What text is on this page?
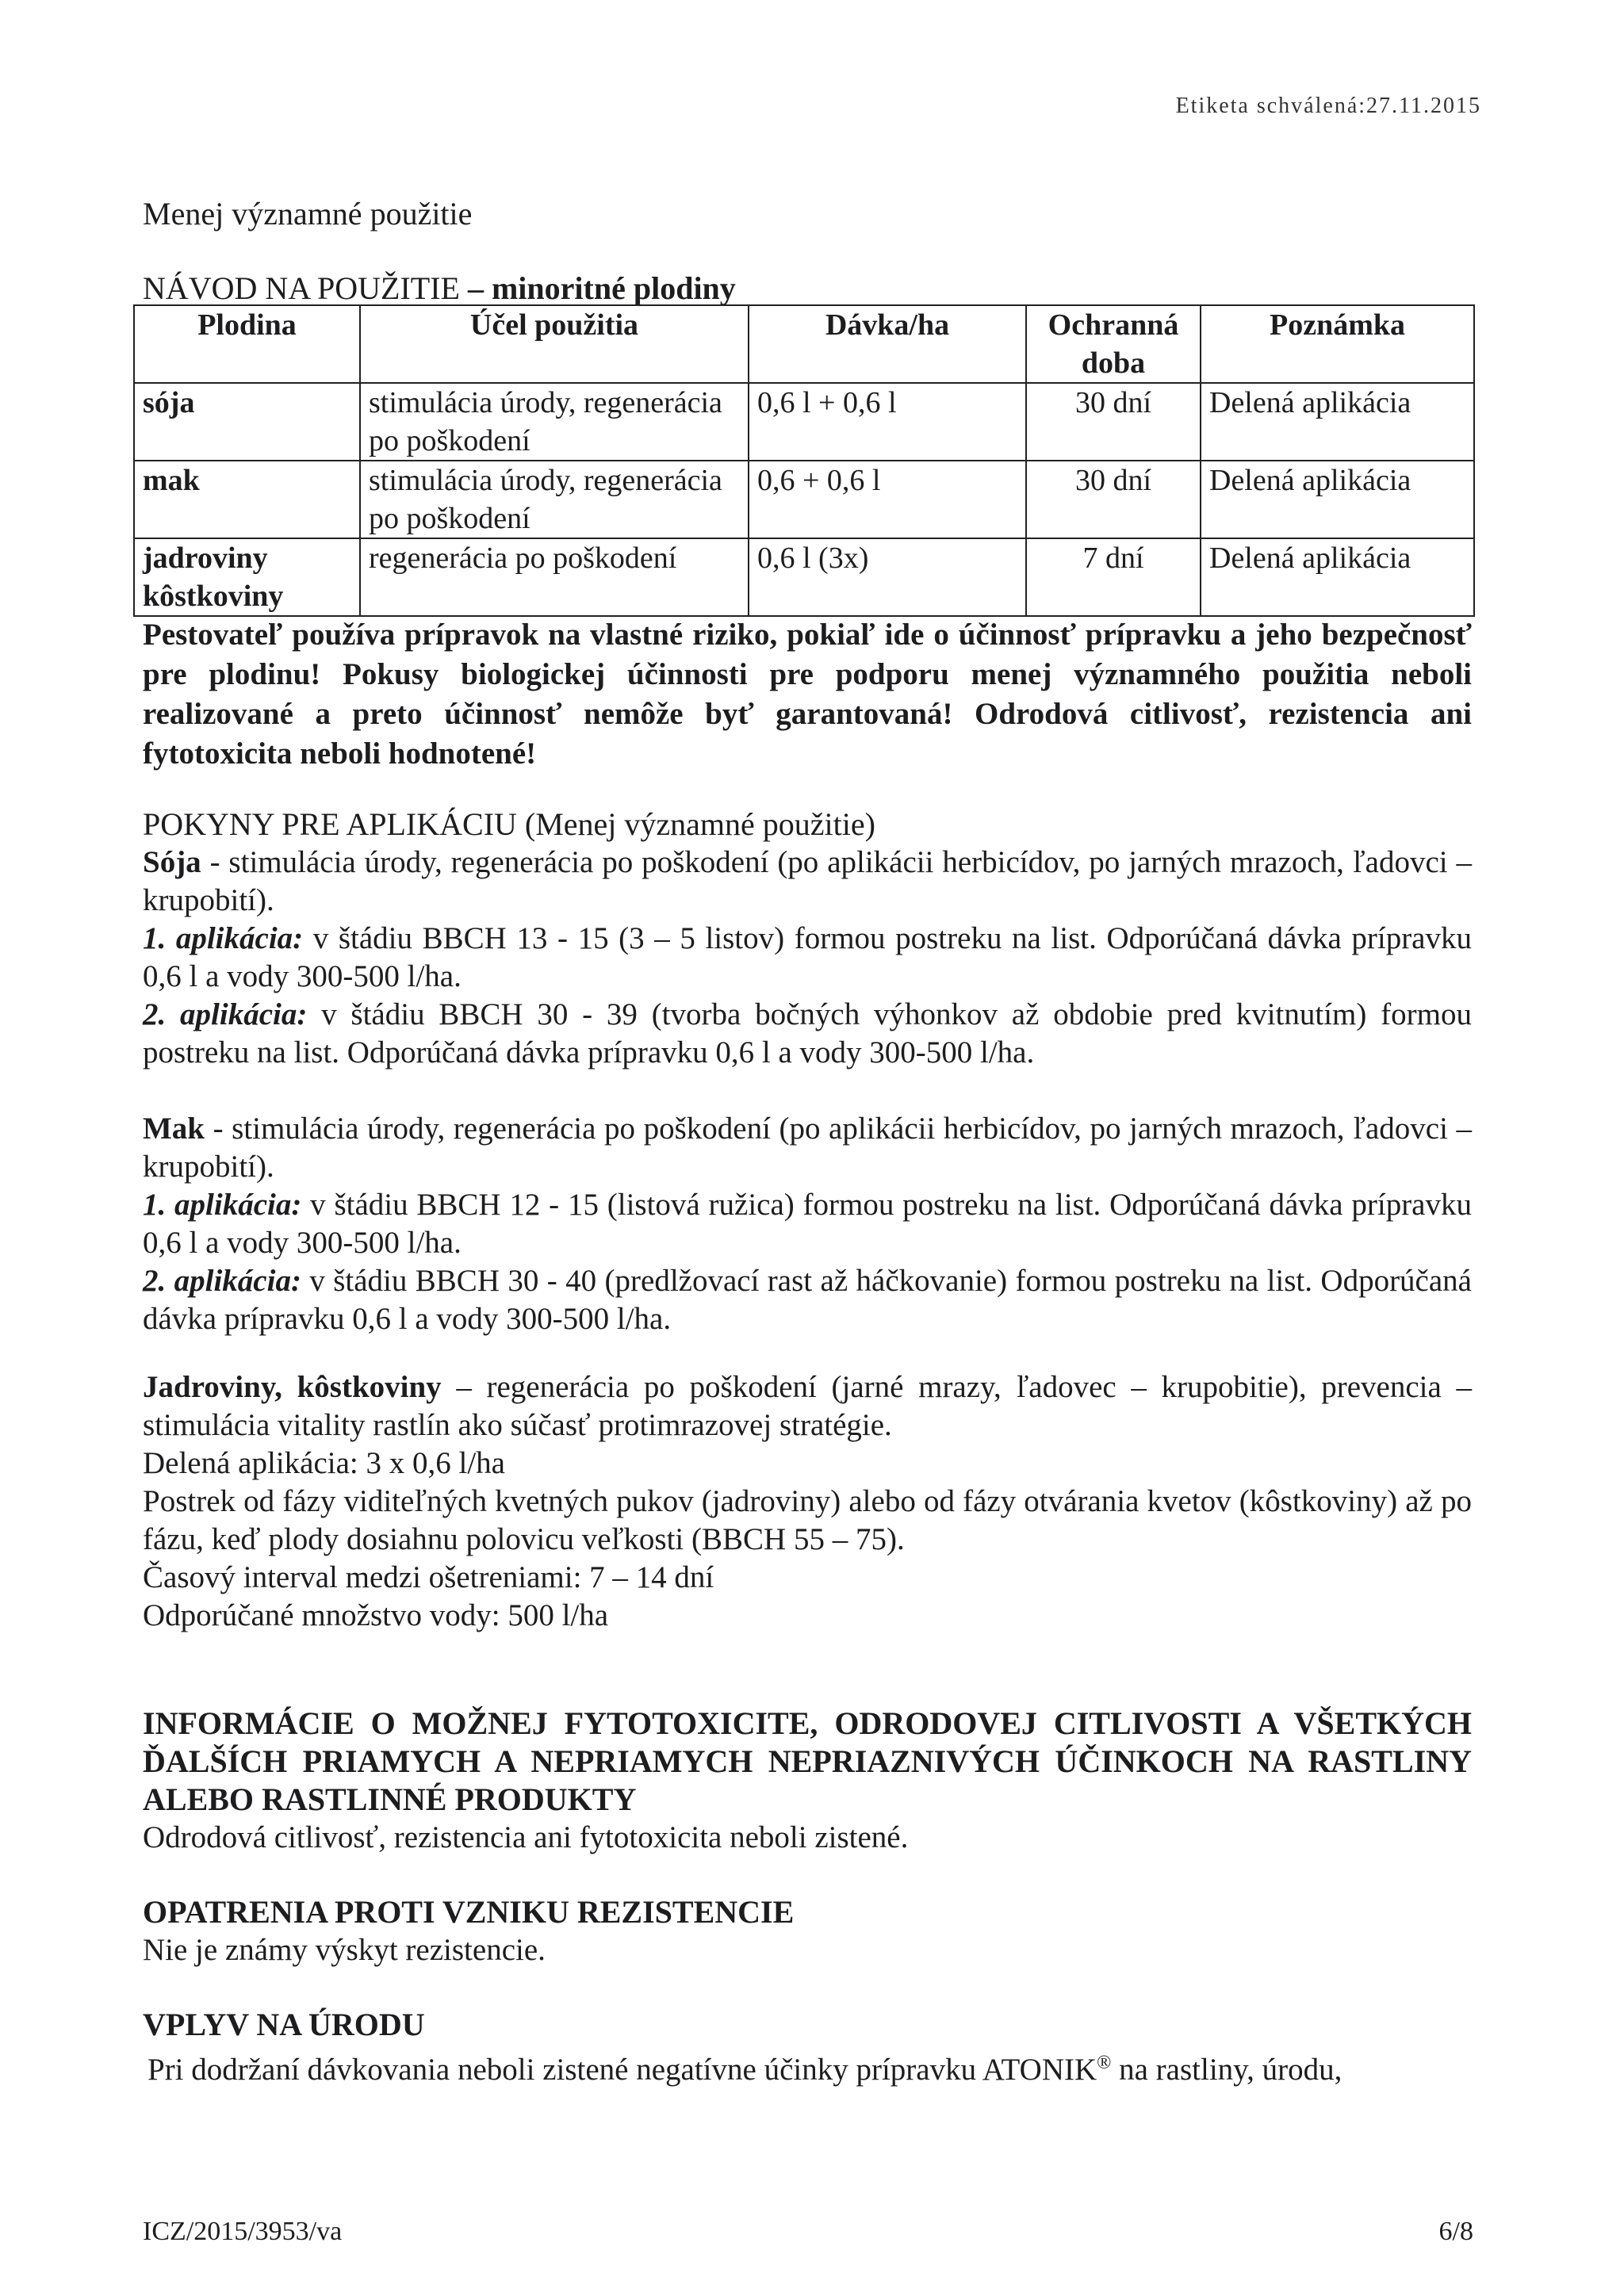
Etiketa schválená:27.11.2015
Menej významné použitie
NÁVOD NA POUŽITIE – minoritné plodiny
Plodina	Účel použitia	Dávka/ha	Ochranná doba	Poznámka
sója	stimulácia úrody, regenerácia po poškodení	0,6 l + 0,6 l	30 dní	Delená aplikácia
mak	stimulácia úrody, regenerácia po poškodení	0,6 + 0,6 l	30 dní	Delená aplikácia
jadroviny kôstkoviny	regenerácia po poškodení	0,6 l (3x)	7 dní	Delená aplikácia
Pestovateľ používa prípravok na vlastné riziko, pokiaľ ide o účinnosť prípravku a jeho bezpečnosť pre plodinu! Pokusy biologickej účinnosti pre podporu menej významného použitia neboli realizované a preto účinnosť nemôže byť garantovaná! Odrodová citlivosť, rezistencia ani fytotoxicita neboli hodnotené!

POKYNY PRE APLIKÁCIU (Menej významné použitie)

Sója - stimulácia úrody, regenerácia po poškodení (po aplikácii herbicídov, po jarných mrazoch, ľadovci – krupobití).

1. aplikácia: v štádiu BBCH 13 - 15 (3 – 5 listov) formou postreku na list. Odporúčaná dávka prípravku 0,6 l a vody 300-500 l/ha.

2. aplikácia: v štádiu BBCH 30 - 39 (tvorba bočných výhonkov až obdobie pred kvitnutím) formou postreku na list. Odporúčaná dávka prípravku 0,6 l a vody 300-500 l/ha.

Mak - stimulácia úrody, regenerácia po poškodení (po aplikácii herbicídov, po jarných mrazoch, ľadovci – krupobití).

1. aplikácia: v štádiu BBCH 12 - 15 (listová ružica) formou postreku na list. Odporúčaná dávka prípravku 0,6 l a vody 300-500 l/ha.

2. aplikácia: v štádiu BBCH 30 - 40 (predlžovací rast až háčkovanie) formou postreku na list. Odporúčaná dávka prípravku 0,6 l a vody 300-500 l/ha.

Jadroviny, kôstkoviny – regenerácia po poškodení (jarné mrazy, ľadovec – krupobitie), prevencia – stimulácia vitality rastlín ako súčasť protimrazovej stratégie.

Delená aplikácia: 3 x 0,6 l/ha

Postrek od fázy viditeľných kvetných pukov (jadroviny) alebo od fázy otvárania kvetov (kôstkoviny) až po fázu, keď plody dosiahnu polovicu veľkosti (BBCH 55 – 75).

Časový interval medzi ošetreniami: 7 – 14 dní

Odporúčané množstvo vody: 500 l/ha

INFORMÁCIE O MOŽNEJ FYTOTOXICITE, ODRODOVEJ CITLIVOSTI A VŠETKÝCH ĎALŠÍCH PRIAMYCH A NEPRIAMYCH NEPRIAZNIVÝCH ÚČINKOCH NA RASTLINY ALEBO RASTLINNÉ PRODUKTY

Odrodová citlivosť, rezistencia ani fytotoxicita neboli zistené.

OPATRENIA PROTI VZNIKU REZISTENCIE

Nie je známy výskyt rezistencie.

VPLYV NA ÚRODU

Pri dodržaní dávkovania neboli zistené negatívne účinky prípravku ATONIK® na rastliny, úrodu,

ICZ/2015/3953/va	6/8
